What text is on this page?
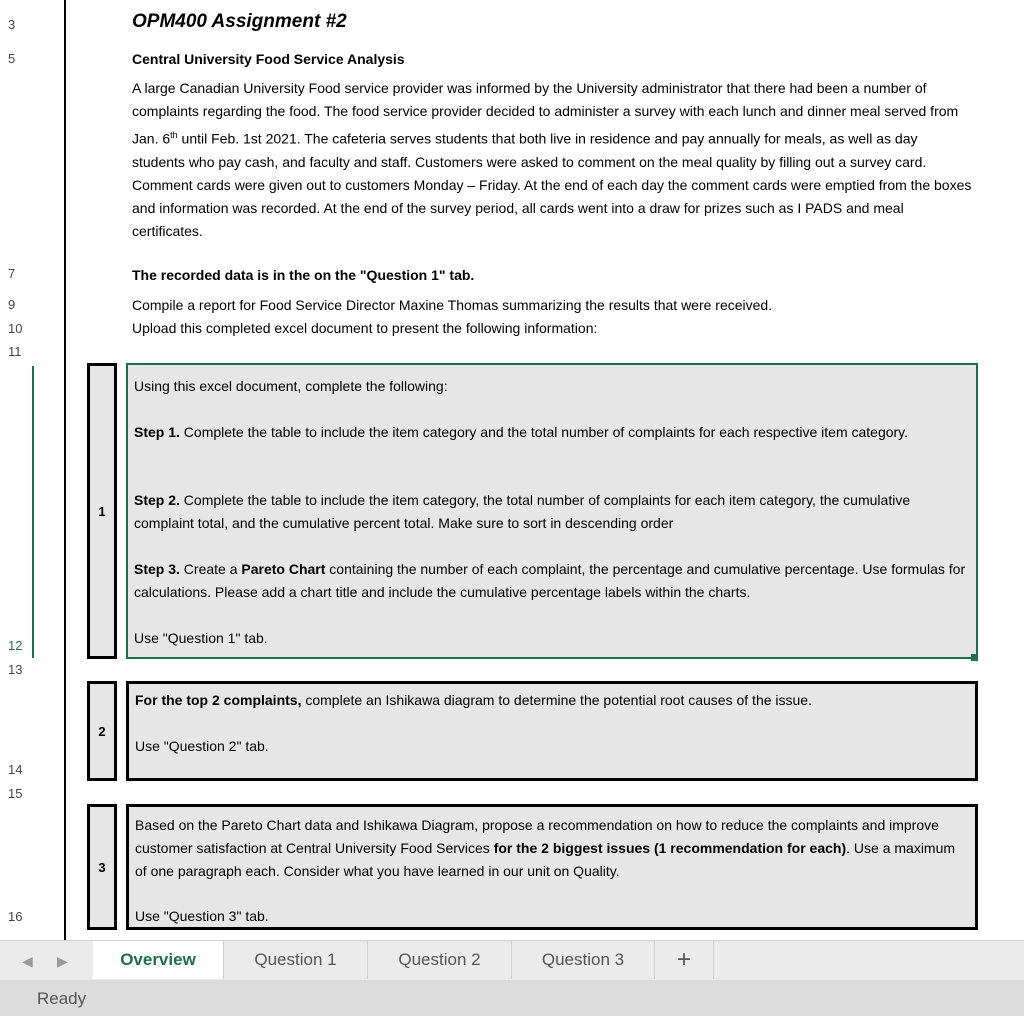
3
5
7
9
10
11
12
13
14
15
16
OPM400 Assignment #2
Central University Food Service Analysis
A large Canadian University Food service provider was informed by the University administrator that there had been a number of complaints regarding the food. The food service provider decided to administer a survey with each lunch and dinner meal served from Jan. 6th until Feb. 1st 2021. The cafeteria serves students that both live in residence and pay annually for meals, as well as day students who pay cash, and faculty and staff. Customers were asked to comment on the meal quality by filling out a survey card. Comment cards were given out to customers Monday – Friday. At the end of each day the comment cards were emptied from the boxes and information was recorded. At the end of the survey period, all cards went into a draw for prizes such as I PADS and meal certificates.
The recorded data is in the on the "Question 1" tab.
Compile a report for Food Service Director Maxine Thomas summarizing the results that were received.
Upload this completed excel document to present the following information:
1
Using this excel document, complete the following:
Step 1. Complete the table to include the item category and the total number of complaints for each respective item category.
Step 2. Complete the table to include the item category, the total number of complaints for each item category, the cumulative complaint total, and the cumulative percent total. Make sure to sort in descending order
Step 3. Create a Pareto Chart containing the number of each complaint, the percentage and cumulative percentage. Use formulas for calculations. Please add a chart title and include the cumulative percentage labels within the charts.
Use "Question 1" tab.
2
For the top 2 complaints, complete an Ishikawa diagram to determine the potential root causes of the issue.
Use "Question 2" tab.
3
Based on the Pareto Chart data and Ishikawa Diagram, propose a recommendation on how to reduce the complaints and improve customer satisfaction at Central University Food Services for the 2 biggest issues (1 recommendation for each). Use a maximum of one paragraph each. Consider what you have learned in our unit on Quality.
Use "Question 3" tab.
◀ ▶	Overview	Question 1	Question 2	Question 3	+
Ready
